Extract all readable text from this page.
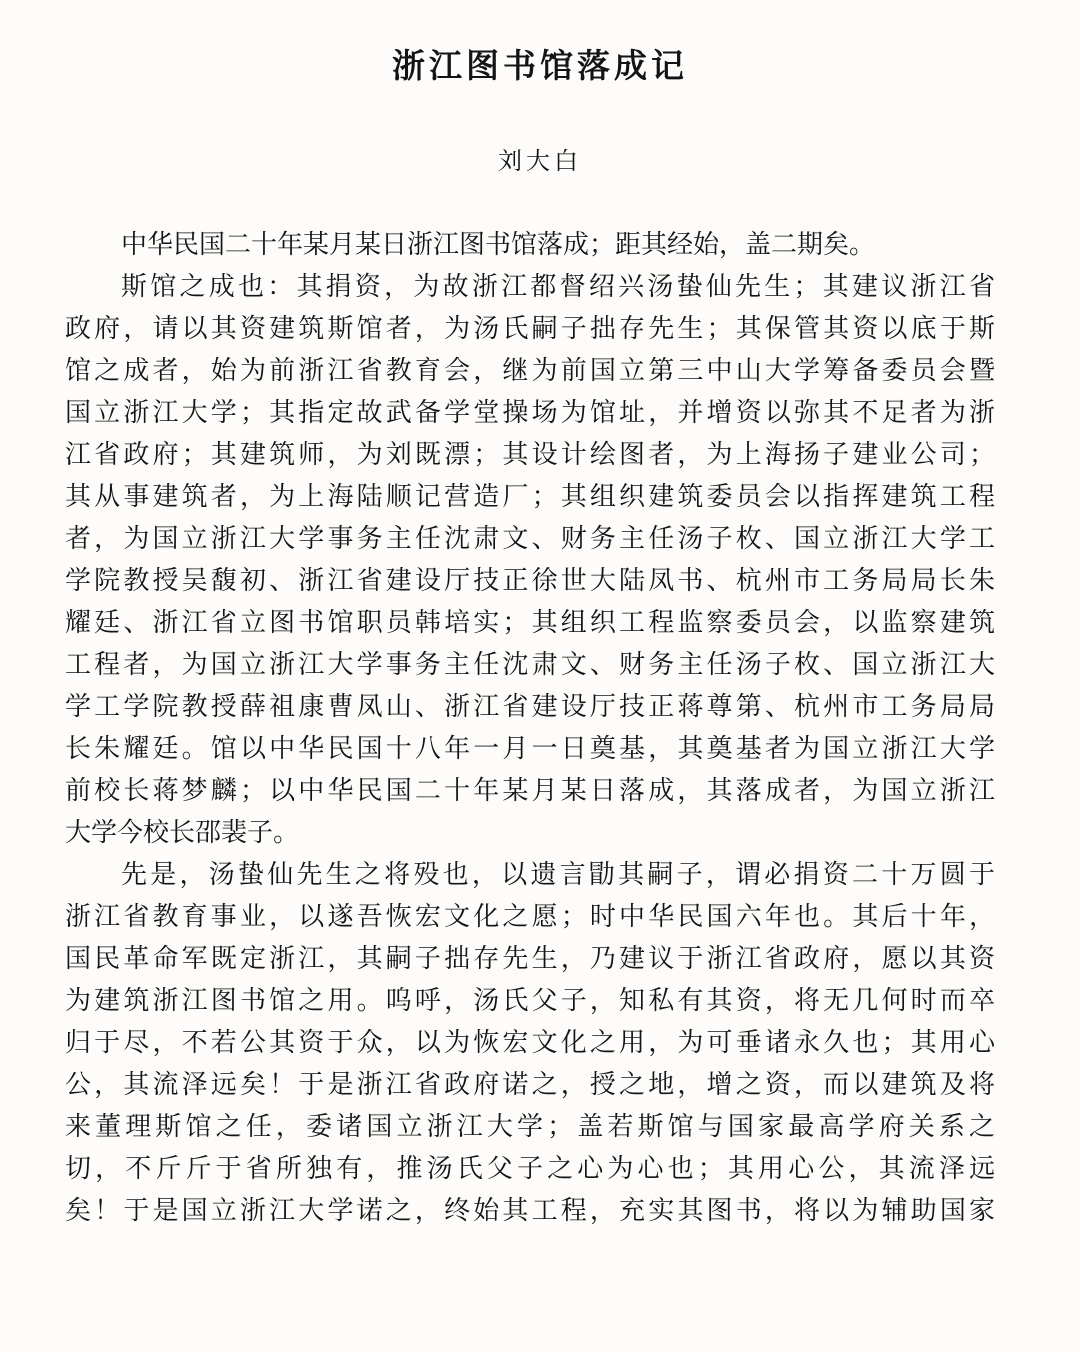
浙江图书馆落成记
刘大白

中华民国二十年某月某日浙江图书馆落成；距其经始，盖二期矣。

斯馆之成也：其捐资，为故浙江都督绍兴汤蛰仙先生；其建议浙江省
政府，请以其资建筑斯馆者，为汤氏嗣子拙存先生；其保管其资以底于斯
馆之成者，始为前浙江省教育会，继为前国立第三中山大学筹备委员会暨
国立浙江大学；其指定故武备学堂操场为馆址，并增资以弥其不足者为浙
江省政府；其建筑师，为刘既漂；其设计绘图者，为上海扬子建业公司；
其从事建筑者，为上海陆顺记营造厂；其组织建筑委员会以指挥建筑工程
者，为国立浙江大学事务主任沈肃文、财务主任汤子枚、国立浙江大学工
学院教授吴馥初、浙江省建设厅技正徐世大陆凤书、杭州市工务局局长朱
耀廷、浙江省立图书馆职员韩培实；其组织工程监察委员会，以监察建筑
工程者，为国立浙江大学事务主任沈肃文、财务主任汤子枚、国立浙江大
学工学院教授薛祖康曹凤山、浙江省建设厅技正蒋尊第、杭州市工务局局
长朱耀廷。馆以中华民国十八年一月一日奠基，其奠基者为国立浙江大学
前校长蒋梦麟；以中华民国二十年某月某日落成，其落成者，为国立浙江
大学今校长邵裴子。

先是，汤蛰仙先生之将殁也，以遗言勖其嗣子，谓必捐资二十万圆于
浙江省教育事业，以遂吾恢宏文化之愿；时中华民国六年也。其后十年，
国民革命军既定浙江，其嗣子拙存先生，乃建议于浙江省政府，愿以其资
为建筑浙江图书馆之用。呜呼，汤氏父子，知私有其资，将无几何时而卒
归于尽，不若公其资于众，以为恢宏文化之用，为可垂诸永久也；其用心
公，其流泽远矣！于是浙江省政府诺之，授之地，增之资，而以建筑及将
来董理斯馆之任，委诸国立浙江大学；盖若斯馆与国家最高学府关系之
切，不斤斤于省所独有，推汤氏父子之心为心也；其用心公，其流泽远
矣！于是国立浙江大学诺之，终始其工程，充实其图书，将以为辅助国家
